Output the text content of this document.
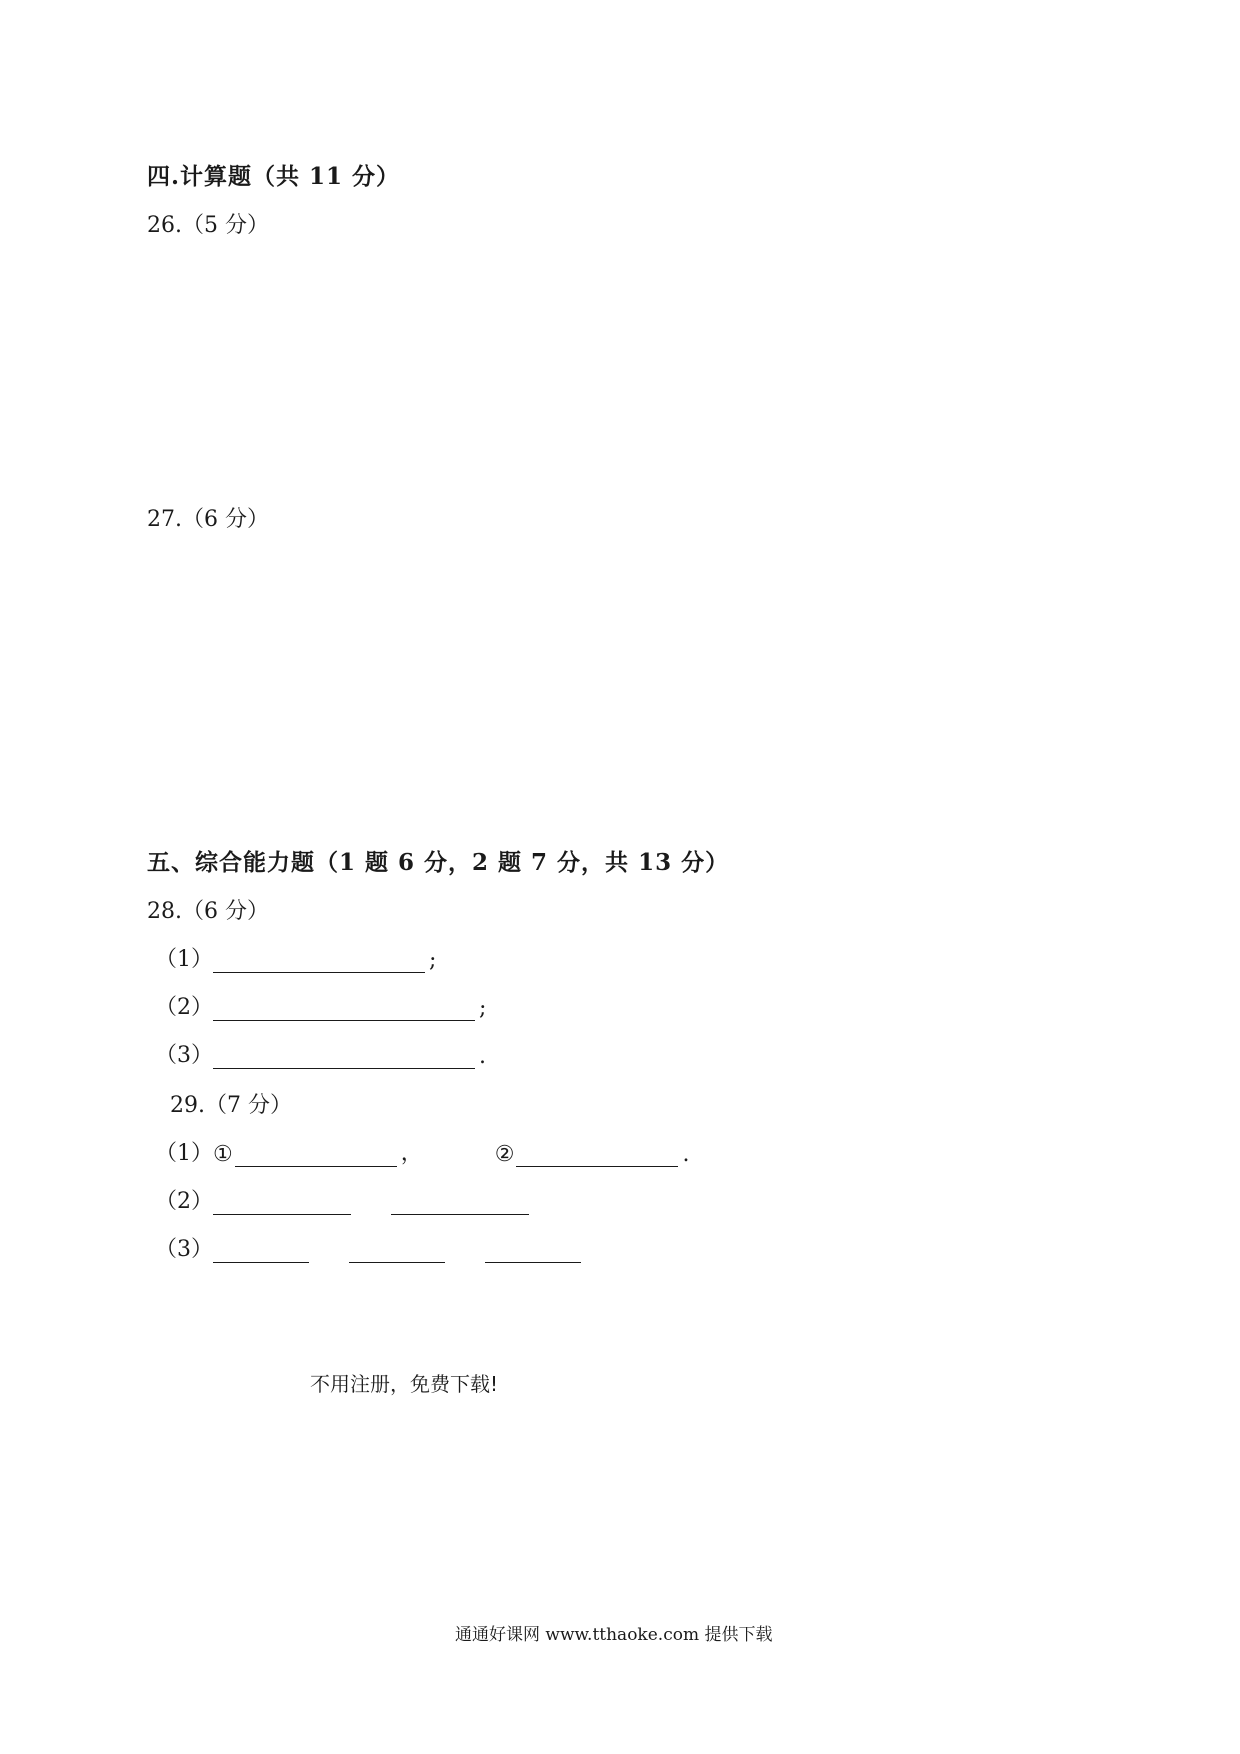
四.计算题（共 11 分）
26.（5 分）
27.（6 分）
五、综合能力题（1 题 6 分，2 题 7 分，共 13 分）
28.（6 分）
（1）	;
（2）	;
（3）	.
29.（7 分）
（1） ①	，	②	.
（2）
（3）
不用注册，免费下载!
通通好课网 www.tthaoke.com 提供下载
